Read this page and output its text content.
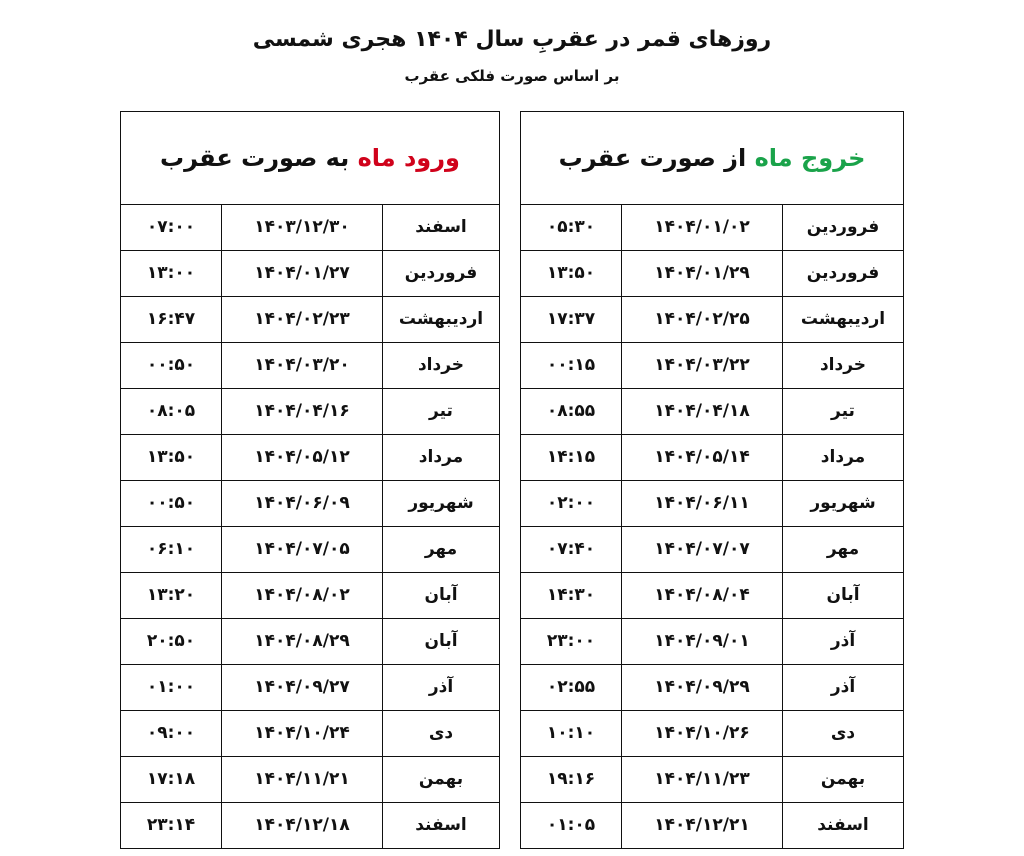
روزهای قمر در عقربِ سال ۱۴۰۴ هجری شمسی
بر اساس صورت فلکی عقرب
خروج ماه از صورت عقرب		
فروردین	۱۴۰۴/۰۱/۰۲	۰۵:۳۰
فروردین	۱۴۰۴/۰۱/۲۹	۱۳:۵۰
اردیبهشت	۱۴۰۴/۰۲/۲۵	۱۷:۳۷
خرداد	۱۴۰۴/۰۳/۲۲	۰۰:۱۵
تیر	۱۴۰۴/۰۴/۱۸	۰۸:۵۵
مرداد	۱۴۰۴/۰۵/۱۴	۱۴:۱۵
شهریور	۱۴۰۴/۰۶/۱۱	۰۲:۰۰
مهر	۱۴۰۴/۰۷/۰۷	۰۷:۴۰
آبان	۱۴۰۴/۰۸/۰۴	۱۴:۳۰
آذر	۱۴۰۴/۰۹/۰۱	۲۳:۰۰
آذر	۱۴۰۴/۰۹/۲۹	۰۲:۵۵
دی	۱۴۰۴/۱۰/۲۶	۱۰:۱۰
بهمن	۱۴۰۴/۱۱/۲۳	۱۹:۱۶
اسفند	۱۴۰۴/۱۲/۲۱	۰۱:۰۵
ورود ماه به صورت عقرب		
اسفند	۱۴۰۳/۱۲/۳۰	۰۷:۰۰
فروردین	۱۴۰۴/۰۱/۲۷	۱۳:۰۰
اردیبهشت	۱۴۰۴/۰۲/۲۳	۱۶:۴۷
خرداد	۱۴۰۴/۰۳/۲۰	۰۰:۵۰
تیر	۱۴۰۴/۰۴/۱۶	۰۸:۰۵
مرداد	۱۴۰۴/۰۵/۱۲	۱۳:۵۰
شهریور	۱۴۰۴/۰۶/۰۹	۰۰:۵۰
مهر	۱۴۰۴/۰۷/۰۵	۰۶:۱۰
آبان	۱۴۰۴/۰۸/۰۲	۱۳:۲۰
آبان	۱۴۰۴/۰۸/۲۹	۲۰:۵۰
آذر	۱۴۰۴/۰۹/۲۷	۰۱:۰۰
دی	۱۴۰۴/۱۰/۲۴	۰۹:۰۰
بهمن	۱۴۰۴/۱۱/۲۱	۱۷:۱۸
اسفند	۱۴۰۴/۱۲/۱۸	۲۳:۱۴
